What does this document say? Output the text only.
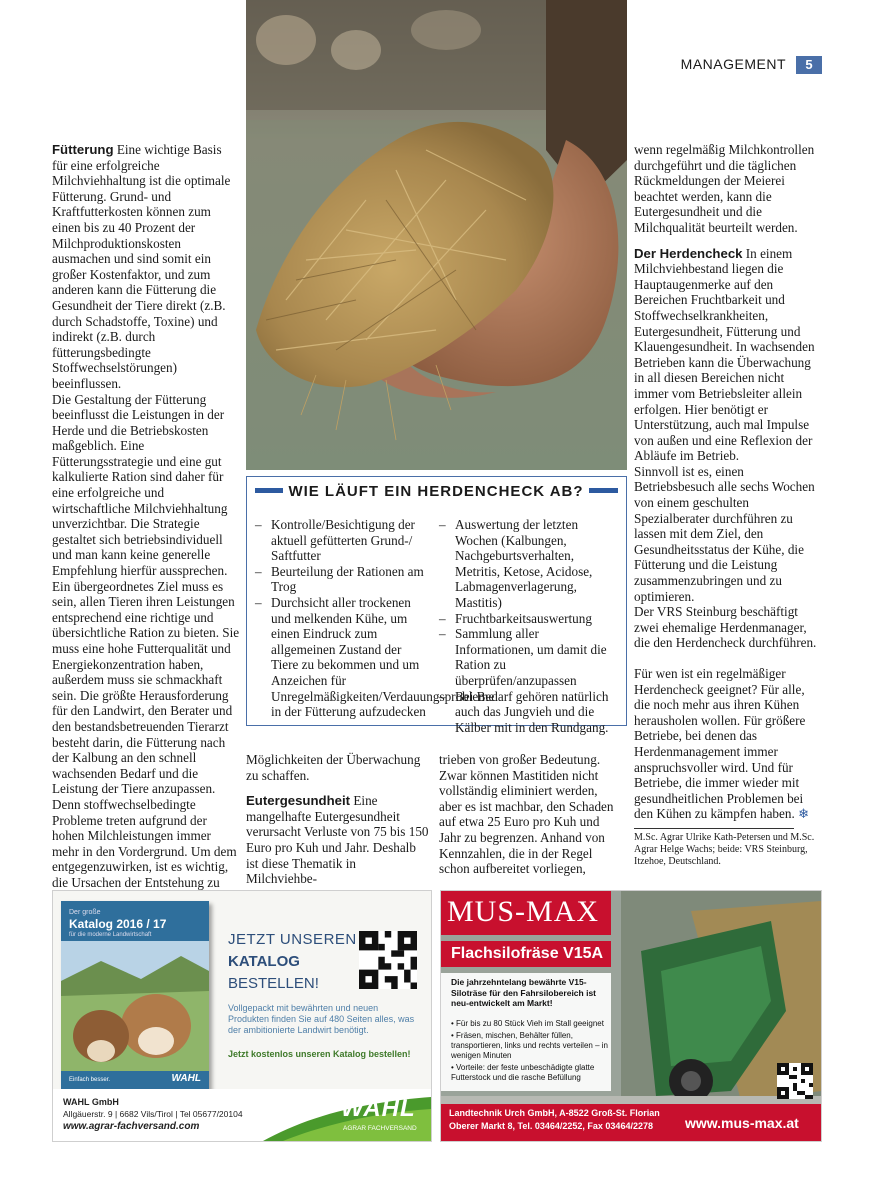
MANAGEMENT	5

Fütterung Eine wichtige Basis für eine erfolgreiche Milchviehhaltung ist die optimale Fütterung. Grund- und Kraftfutterkosten können zum einen bis zu 40 Prozent der Milchproduktionskosten ausmachen und sind somit ein großer Kostenfaktor, und zum anderen kann die Fütterung die Gesundheit der Tiere direkt (z.B. durch Schadstoffe, Toxine) und indirekt (z.B. durch fütterungsbedingte Stoffwechselstörungen) beeinflussen.

Die Gestaltung der Fütterung beeinflusst die Leistungen in der Herde und die Betriebskosten maßgeblich. Eine Fütterungsstrategie und eine gut kalkulierte Ration sind daher für eine erfolgreiche und wirtschaftliche Milchviehhaltung unverzichtbar. Die Strategie gestaltet sich betriebsindividuell und man kann keine generelle Empfehlung hierfür aussprechen. Ein übergeordnetes Ziel muss es sein, allen Tieren ihren Leistungen entsprechend eine richtige und übersichtliche Ration zu bieten. Sie muss eine hohe Futterqualität und Energiekonzentration haben, außerdem muss sie schmackhaft sein. Die größte Herausforderung für den Landwirt, den Berater und den bestandsbetreuenden Tierarzt besteht darin, die Fütterung nach der Kalbung an den schnell wachsenden Bedarf und die Leistung der Tiere anzupassen. Denn stoffwechselbedingte Probleme treten aufgrund der hohen Milchleistungen immer mehr in den Vordergrund. Um dem entgegenzuwirken, ist es wichtig, die Ursachen der Entstehung zu

WIE LÄUFT EIN HERDENCHECK AB?
– Kontrolle/Besichtigung der aktuell gefütterten Grund-/ Saftfutter
– Beurteilung der Rationen am Trog
– Durchsicht aller trockenen und melkenden Kühe, um einen Eindruck zum allgemeinen Zustand der Tiere zu bekommen und um Anzeichen für Unregelmäßigkeiten/Verdauungsprobleme in der Fütterung aufzudecken
– Auswertung der letzten Wochen (Kalbungen, Nachgeburtsverhalten, Metritis, Ketose, Acidose, Labmagenverlagerung, Mastitis)
– Fruchtbarkeitsauswertung
– Sammlung aller Informationen, um damit die Ration zu überprüfen/anzupassen
– Bei Bedarf gehören natürlich auch das Jungvieh und die Kälber mit in den Rundgang.

Möglichkeiten der Überwachung zu schaffen.

Eutergesundheit Eine mangelhafte Eutergesundheit verursacht Verluste von 75 bis 150 Euro pro Kuh und Jahr. Deshalb ist diese Thematik in Milchviehbe-

trieben von großer Bedeutung. Zwar können Mastitiden nicht vollständig eliminiert werden, aber es ist machbar, den Schaden auf etwa 25 Euro pro Kuh und Jahr zu begrenzen. Anhand von Kennzahlen, die in der Regel schon aufbereitet vorliegen,

wenn regelmäßig Milchkontrollen durchgeführt und die täglichen Rückmeldungen der Meierei beachtet werden, kann die Eutergesundheit und die Milchqualität beurteilt werden.

Der Herdencheck In einem Milchviehbestand liegen die Hauptaugenmerke auf den Bereichen Fruchtbarkeit und Stoffwechselkrankheiten, Eutergesundheit, Fütterung und Klauengesundheit. In wachsenden Betrieben kann die Überwachung in all diesen Bereichen nicht immer vom Betriebsleiter allein erfolgen. Hier benötigt er Unterstützung, auch mal Impulse von außen und eine Reflexion der Abläufe im Betrieb.

Sinnvoll ist es, einen Betriebsbesuch alle sechs Wochen von einem geschulten Spezialberater durchführen zu lassen mit dem Ziel, den Gesundheitsstatus der Kühe, die Fütterung und die Leistung zusammenzubringen und zu optimieren.

Der VRS Steinburg beschäftigt zwei ehemalige Herdenmanager, die den Herdencheck durchführen.

Für wen ist ein regelmäßiger Herdencheck geeignet? Für alle, die noch mehr aus ihren Kühen herausholen wollen. Für größere Betriebe, bei denen das Herdenmanagement immer anspruchsvoller wird. Und für Betriebe, die immer wieder mit gesundheitlichen Problemen bei den Kühen zu kämpfen haben. ❄

M.Sc. Agrar Ulrike Kath-Petersen und M.Sc. Agrar Helge Wachs; beide: VRS Steinburg, Itzehoe, Deutschland.

Der große
Katalog 2016 / 17
für die moderne Landwirtschaft
Einfach besser.	WAHL
JETZT UNSEREN
KATALOG
BESTELLEN!
Vollgepackt mit bewährten und neuen Produkten finden Sie auf 480 Seiten alles, was der ambitionierte Landwirt benötigt.
Jetzt kostenlos unseren Katalog bestellen!
WAHL GmbH
Allgäuerstr. 9 | 6682 Vils/Tirol | Tel 05677/20104
www.agrar-fachversand.com
WAHL
AGRAR FACHVERSAND
MUS-MAX
Flachsilofräse V15A
Die jahrzehntelang bewährte V15-Siloträse für den Fahrsilobereich ist neu-entwickelt am Markt!
• Für bis zu 80 Stück Vieh im Stall geeignet
• Fräsen, mischen, Behälter füllen, transportieren, links und rechts verteilen – in wenigen Minuten
• Vorteile: der feste unbeschädigte glatte Futterstock und die rasche Befüllung
Landtechnik Urch GmbH, A-8522 Groß-St. Florian
Oberer Markt 8, Tel. 03464/2252, Fax 03464/2278 www.mus-max.at
